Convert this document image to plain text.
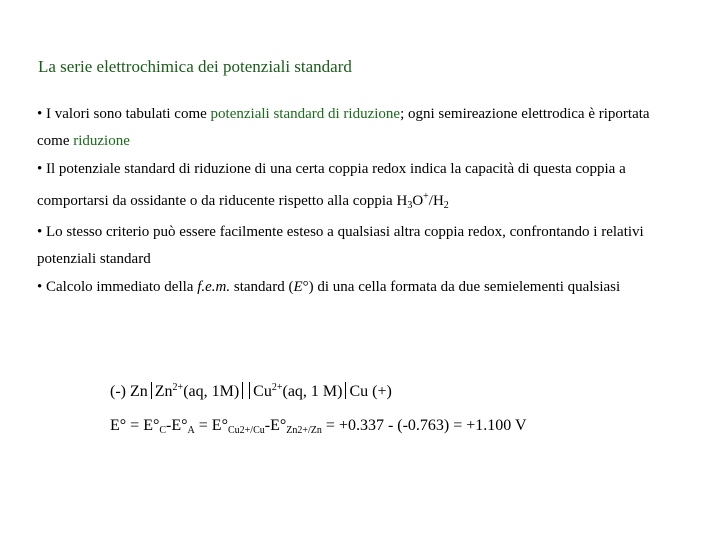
La serie elettrochimica dei potenziali standard

• I valori sono tabulati come potenziali standard di riduzione; ogni semireazione elettrodica è riportata come riduzione

• Il potenziale standard di riduzione di una certa coppia redox indica la capacità di questa coppia a comportarsi da ossidante o da riducente rispetto alla coppia $H_3O^+/H_2$

• Lo stesso criterio può essere facilmente esteso a qualsiasi altra coppia redox, confrontando i relativi potenziali standard

• Calcolo immediato della f.e.m. standard (E°) di una cella formata da due semielementi qualsiasi

(-) Zn $Zn^{2+}(aq$, 1M) $Cu^{2+}(aq$, 1 M) Cu (+)
$E^\circ = E^\circ_C-E^\circ_A = E^\circ_{Cu2+/Cu}-E^\circ_{Zn2+/Zn} = +0.337 - (-0.763) = +1.100$ V
